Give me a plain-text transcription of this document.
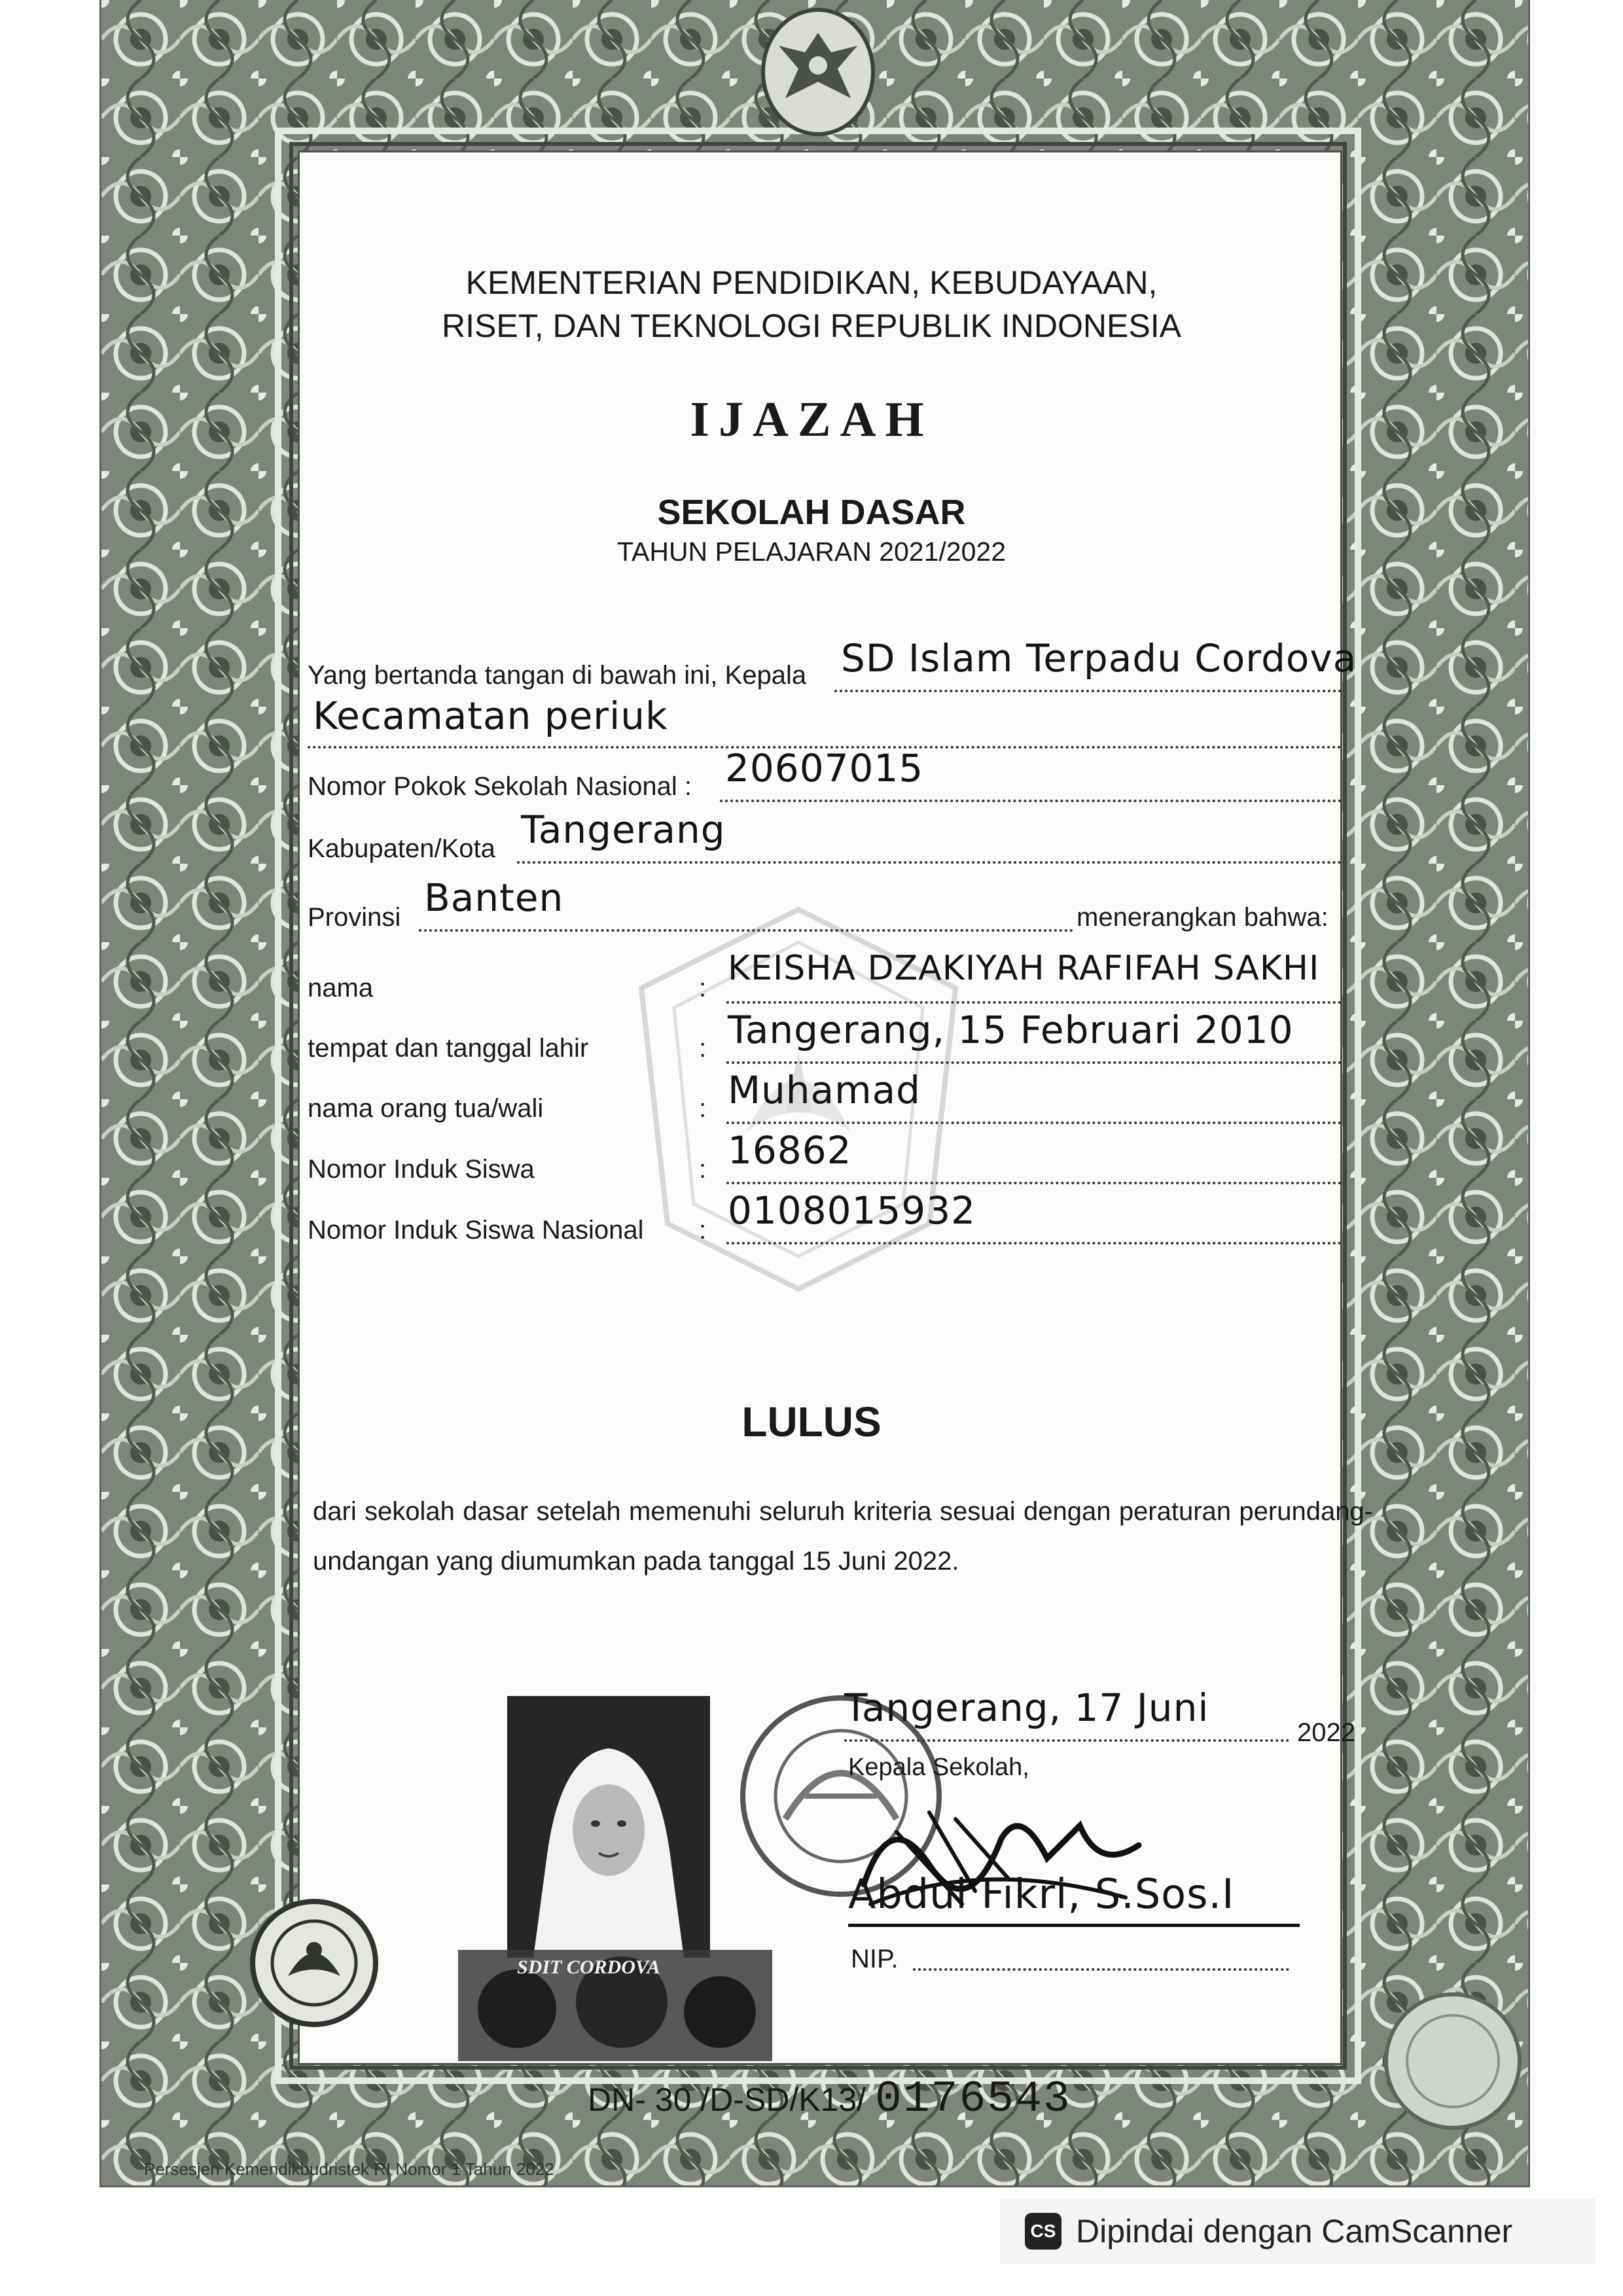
KEMENTERIAN PENDIDIKAN, KEBUDAYAAN,
RISET, DAN TEKNOLOGI REPUBLIK INDONESIA
IJAZAH
SEKOLAH DASAR
TAHUN PELAJARAN 2021/2022
Yang bertanda tangan di bawah ini, Kepala SD Islam Terpadu Cordova
Kecamatan periuk
Nomor Pokok Sekolah Nasional : 20607015
Kabupaten/Kota Tangerang
Provinsi Banten	menerangkan bahwa:
nama	: KEISHA DZAKIYAH RAFIFAH SAKHI
tempat dan tanggal lahir	: Tangerang, 15 Februari 2010
nama orang tua/wali	: Muhamad
Nomor Induk Siswa	: 16862
Nomor Induk Siswa Nasional : 0108015932
LULUS
dari sekolah dasar setelah memenuhi seluruh kriteria sesuai dengan peraturan perundang-undangan yang diumumkan pada tanggal 15 Juni 2022.
SDIT CORDOVA
Tangerang, 17 Juni
2022
Kepala Sekolah,
Abdul Fikri, S.Sos.I
NIP.
DN- 30 /D-SD/K13/ 0176543
Persesjen Kemendikbudristek RI Nomor 1 Tahun 2022
CS Dipindai dengan CamScanner
